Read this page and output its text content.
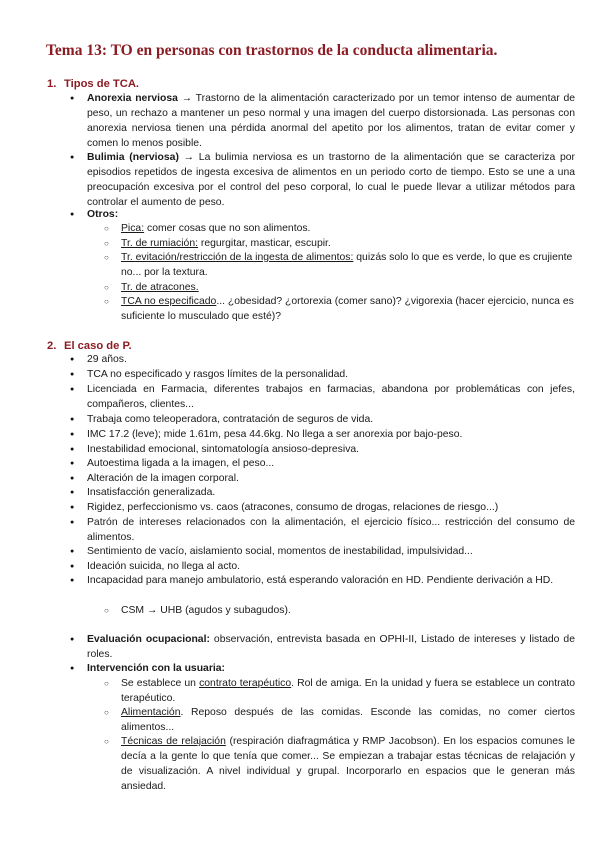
Tema 13: TO en personas con trastornos de la conducta alimentaria.
1. Tipos de TCA.
● Anorexia nerviosa → Trastorno de la alimentación caracterizado por un temor intenso de aumentar de peso, un rechazo a mantener un peso normal y una imagen del cuerpo distorsionada. Las personas con anorexia nerviosa tienen una pérdida anormal del apetito por los alimentos, tratan de evitar comer y comen lo menos posible.
● Bulimia (nerviosa) → La bulimia nerviosa es un trastorno de la alimentación que se caracteriza por episodios repetidos de ingesta excesiva de alimentos en un periodo corto de tiempo. Esto se une a una preocupación excesiva por el control del peso corporal, lo cual le puede llevar a utilizar métodos para controlar el aumento de peso.
● Otros:
○ Pica: comer cosas que no son alimentos.
○ Tr. de rumiación: regurgitar, masticar, escupir.
○ Tr. evitación/restricción de la ingesta de alimentos: quizás solo lo que es verde, lo que es crujiente no... por la textura.
○ Tr. de atracones.
○ TCA no especificado... ¿obesidad? ¿ortorexia (comer sano)? ¿vigorexia (hacer ejercicio, nunca es suficiente lo musculado que esté)?
2. El caso de P.
● 29 años.
● TCA no especificado y rasgos límites de la personalidad.
● Licenciada en Farmacia, diferentes trabajos en farmacias, abandona por problemáticas con jefes, compañeros, clientes...
● Trabaja como teleoperadora, contratación de seguros de vida.
● IMC 17.2 (leve); mide 1.61m, pesa 44.6kg. No llega a ser anorexia por bajo-peso.
● Inestabilidad emocional, sintomatología ansioso-depresiva.
● Autoestima ligada a la imagen, el peso...
● Alteración de la imagen corporal.
● Insatisfacción generalizada.
● Rigidez, perfeccionismo vs. caos (atracones, consumo de drogas, relaciones de riesgo...)
● Patrón de intereses relacionados con la alimentación, el ejercicio físico... restricción del consumo de alimentos.
● Sentimiento de vacío, aislamiento social, momentos de inestabilidad, impulsividad...
● Ideación suicida, no llega al acto.
● Incapacidad para manejo ambulatorio, está esperando valoración en HD. Pendiente derivación a HD.
○ CSM → UHB (agudos y subagudos).
● Evaluación ocupacional: observación, entrevista basada en OPHI-II, Listado de intereses y listado de roles.
● Intervención con la usuaria:
○ Se establece un contrato terapéutico. Rol de amiga. En la unidad y fuera se establece un contrato terapéutico.
○ Alimentación. Reposo después de las comidas. Esconde las comidas, no comer ciertos alimentos...
○ Técnicas de relajación (respiración diafragmática y RMP Jacobson). En los espacios comunes le decía a la gente lo que tenía que comer... Se empiezan a trabajar estas técnicas de relajación y de visualización. A nivel individual y grupal. Incorporarlo en espacios que le generan más ansiedad.
